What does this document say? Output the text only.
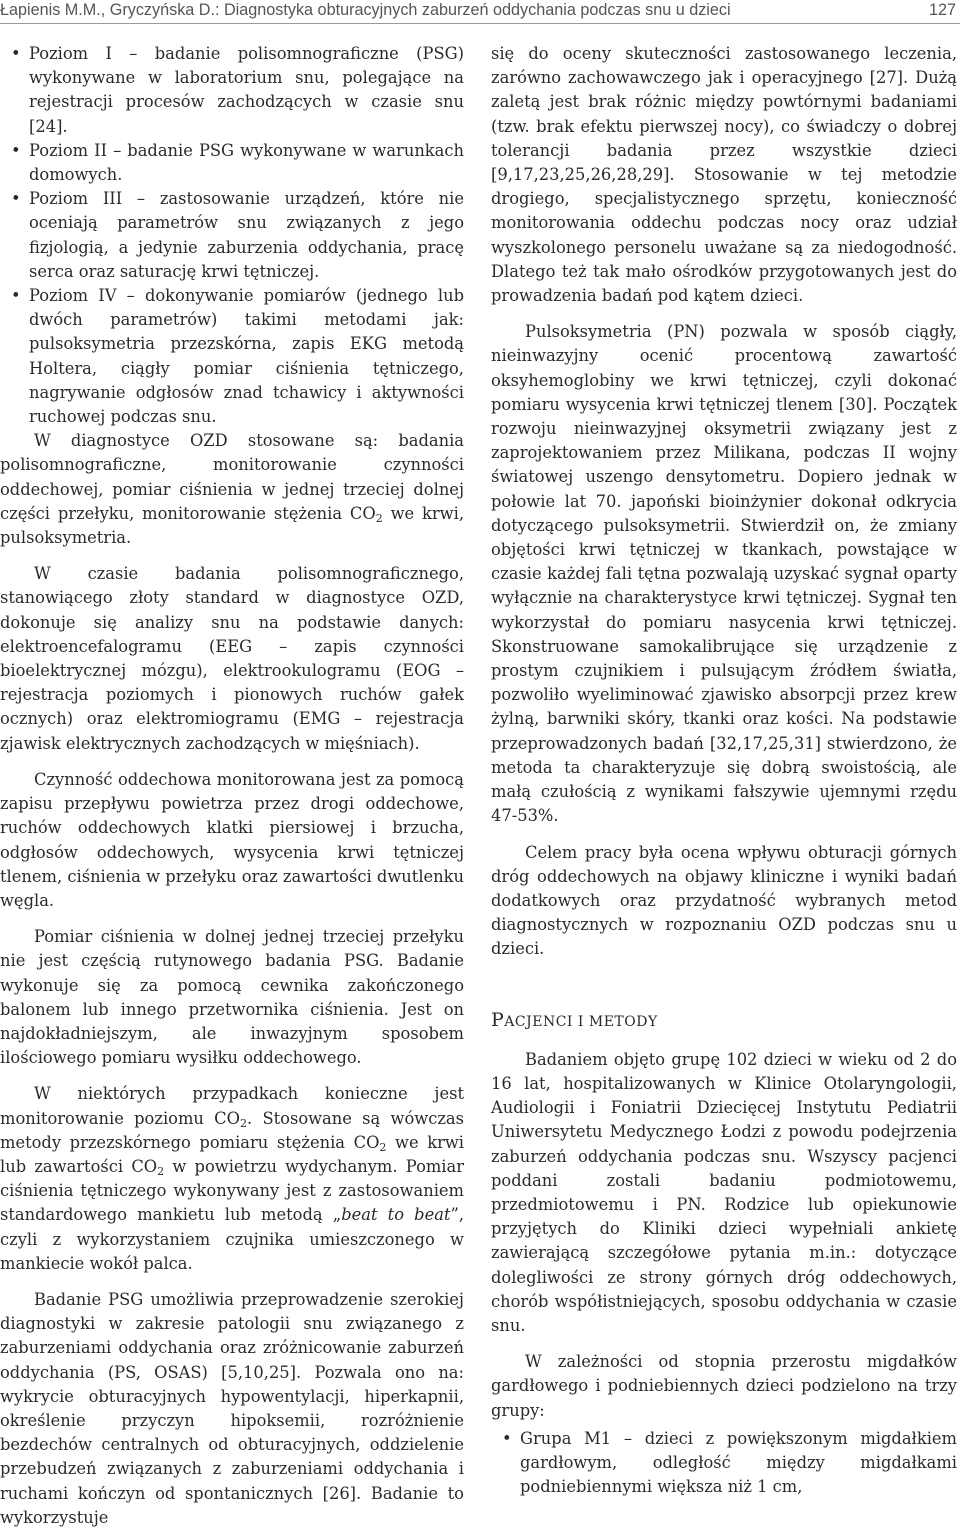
Łapienis M.M., Gryczyńska D.: Diagnostyka obturacyjnych zaburzeń oddychania podczas snu u dzieci	127
• Poziom I – badanie polisomnograficzne (PSG) wykonywane w laboratorium snu, polegające na rejestracji procesów zachodzących w czasie snu [24].
• Poziom II – badanie PSG wykonywane w warunkach domowych.
• Poziom III – zastosowanie urządzeń, które nie oceniają parametrów snu związanych z jego fizjologią, a jedynie zaburzenia oddychania, pracę serca oraz saturację krwi tętniczej.
• Poziom IV – dokonywanie pomiarów (jednego lub dwóch parametrów) takimi metodami jak: pulsoksymetria przezskórna, zapis EKG metodą Holtera, ciągły pomiar ciśnienia tętniczego, nagrywanie odgłosów znad tchawicy i aktywności ruchowej podczas snu.

W diagnostyce OZD stosowane są: badania polisomnograficzne, monitorowanie czynności oddechowej, pomiar ciśnienia w jednej trzeciej dolnej części przełyku, monitorowanie stężenia $CO_2$ we krwi, pulsoksymetria.

W czasie badania polisomnograficznego, stanowiącego złoty standard w diagnostyce OZD, dokonuje się analizy snu na podstawie danych: elektroencefalogramu (EEG – zapis czynności bioelektrycznej mózgu), elektrookulogramu (EOG – rejestracja poziomych i pionowych ruchów gałek ocznych) oraz elektromiogramu (EMG – rejestracja zjawisk elektrycznych zachodzących w mięśniach).

Czynność oddechowa monitorowana jest za pomocą zapisu przepływu powietrza przez drogi oddechowe, ruchów oddechowych klatki piersiowej i brzucha, odgłosów oddechowych, wysycenia krwi tętniczej tlenem, ciśnienia w przełyku oraz zawartości dwutlenku węgla.

Pomiar ciśnienia w dolnej jednej trzeciej przełyku nie jest częścią rutynowego badania PSG. Badanie wykonuje się za pomocą cewnika zakończonego balonem lub innego przetwornika ciśnienia. Jest on najdokładniejszym, ale inwazyjnym sposobem ilościowego pomiaru wysiłku oddechowego.

W niektórych przypadkach konieczne jest monitorowanie poziomu $CO_2$. Stosowane są wówczas metody przezskórnego pomiaru stężenia $CO_2$ we krwi lub zawartości $CO_2$ w powietrzu wydychanym. Pomiar ciśnienia tętniczego wykonywany jest z zastosowaniem standardowego mankietu lub metodą „beat to beat”, czyli z wykorzystaniem czujnika umieszczonego w mankiecie wokół palca.

Badanie PSG umożliwia przeprowadzenie szerokiej diagnostyki w zakresie patologii snu związanego z zaburzeniami oddychania oraz zróżnicowanie zaburzeń oddychania (PS, OSAS) [5,10,25]. Pozwala ono na: wykrycie obturacyjnych hypowentylacji, hiperkapnii, określenie przyczyn hipoksemii, rozróżnienie bezdechów centralnych od obturacyjnych, oddzielenie przebudzeń związanych z zaburzeniami oddychania i ruchami kończyn od spontanicznych [26]. Badanie to wykorzystuje

się do oceny skuteczności zastosowanego leczenia, zarówno zachowawczego jak i operacyjnego [27]. Dużą zaletą jest brak różnic między powtórnymi badaniami (tzw. brak efektu pierwszej nocy), co świadczy o dobrej tolerancji badania przez wszystkie dzieci [9,17,23,25,26,28,29]. Stosowanie w tej metodzie drogiego, specjalistycznego sprzętu, konieczność monitorowania oddechu podczas nocy oraz udział wyszkolonego personelu uważane są za niedogodność. Dlatego też tak mało ośrodków przygotowanych jest do prowadzenia badań pod kątem dzieci.

Pulsoksymetria (PN) pozwala w sposób ciągły, nieinwazyjny ocenić procentową zawartość oksyhemoglobiny we krwi tętniczej, czyli dokonać pomiaru wysycenia krwi tętniczej tlenem [30]. Początek rozwoju nieinwazyjnej oksymetrii związany jest z zaprojektowaniem przez Milikana, podczas II wojny światowej uszengo densytometru. Dopiero jednak w połowie lat 70. japoński bioinżynier dokonał odkrycia dotyczącego pulsoksymetrii. Stwierdził on, że zmiany objętości krwi tętniczej w tkankach, powstające w czasie każdej fali tętna pozwalają uzyskać sygnał oparty wyłącznie na charakterystyce krwi tętniczej. Sygnał ten wykorzystał do pomiaru nasycenia krwi tętniczej. Skonstruowane samokalibrujące się urządzenie z prostym czujnikiem i pulsującym źródłem światła, pozwoliło wyeliminować zjawisko absorpcji przez krew żylną, barwniki skóry, tkanki oraz kości. Na podstawie przeprowadzonych badań [32,17,25,31] stwierdzono, że metoda ta charakteryzuje się dobrą swoistością, ale małą czułością z wynikami fałszywie ujemnymi rzędu 47-53%.

Celem pracy była ocena wpływu obturacji górnych dróg oddechowych na objawy kliniczne i wyniki badań dodatkowych oraz przydatność wybranych metod diagnostycznych w rozpoznaniu OZD podczas snu u dzieci.

PACJENCI I METODY

Badaniem objęto grupę 102 dzieci w wieku od 2 do 16 lat, hospitalizowanych w Klinice Otolaryngologii, Audiologii i Foniatrii Dziecięcej Instytutu Pediatrii Uniwersytetu Medycznego Łodzi z powodu podejrzenia zaburzeń oddychania podczas snu. Wszyscy pacjenci poddani zostali badaniu podmiotowemu, przedmiotowemu i PN. Rodzice lub opiekunowie przyjętych do Kliniki dzieci wypełniali ankietę zawierającą szczegółowe pytania m.in.: dotyczące dolegliwości ze strony górnych dróg oddechowych, chorób współistniejących, sposobu oddychania w czasie snu.

W zależności od stopnia przerostu migdałków gardłowego i podniebiennych dzieci podzielono na trzy grupy:

• Grupa M1 – dzieci z powiększonym migdałkiem gardłowym, odległość między migdałkami podniebiennymi większa niż 1 cm,
